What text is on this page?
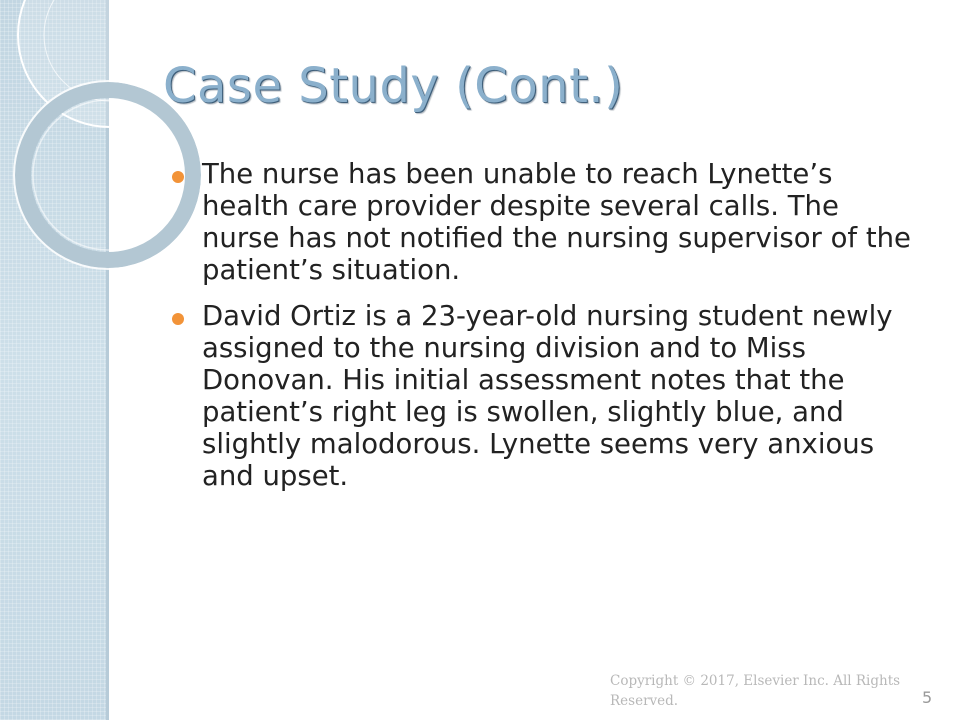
Case Study (Cont.)
The nurse has been unable to reach Lynette’s health care provider despite several calls. The nurse has not notified the nursing supervisor of the patient’s situation.
David Ortiz is a 23-year-old nursing student newly assigned to the nursing division and to Miss Donovan. His initial assessment notes that the patient’s right leg is swollen, slightly blue, and slightly malodorous. Lynette seems very anxious and upset.
Copyright © 2017, Elsevier Inc. All Rights Reserved.	5
